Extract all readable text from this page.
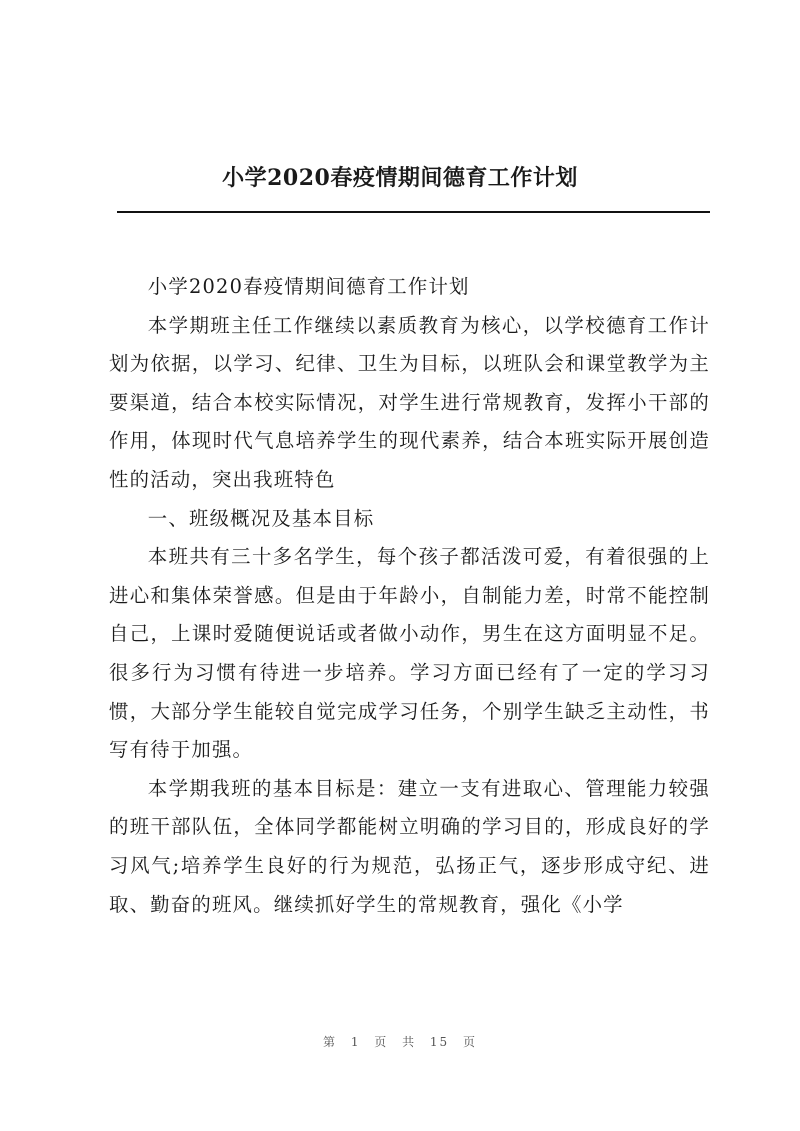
小学2020春疫情期间德育工作计划

小学2020春疫情期间德育工作计划

本学期班主任工作继续以素质教育为核心，以学校德育工作计划为依据，以学习、纪律、卫生为目标，以班队会和课堂教学为主要渠道，结合本校实际情况，对学生进行常规教育，发挥小干部的作用，体现时代气息培养学生的现代素养，结合本班实际开展创造性的活动，突出我班特色

一、班级概况及基本目标

本班共有三十多名学生，每个孩子都活泼可爱，有着很强的上进心和集体荣誉感。但是由于年龄小，自制能力差，时常不能控制自己，上课时爱随便说话或者做小动作，男生在这方面明显不足。很多行为习惯有待进一步培养。学习方面已经有了一定的学习习惯，大部分学生能较自觉完成学习任务，个别学生缺乏主动性，书写有待于加强。

本学期我班的基本目标是：建立一支有进取心、管理能力较强的班干部队伍，全体同学都能树立明确的学习目的，形成良好的学习风气;培养学生良好的行为规范，弘扬正气，逐步形成守纪、进取、勤奋的班风。继续抓好学生的常规教育，强化《小学

第 1 页 共 15 页
